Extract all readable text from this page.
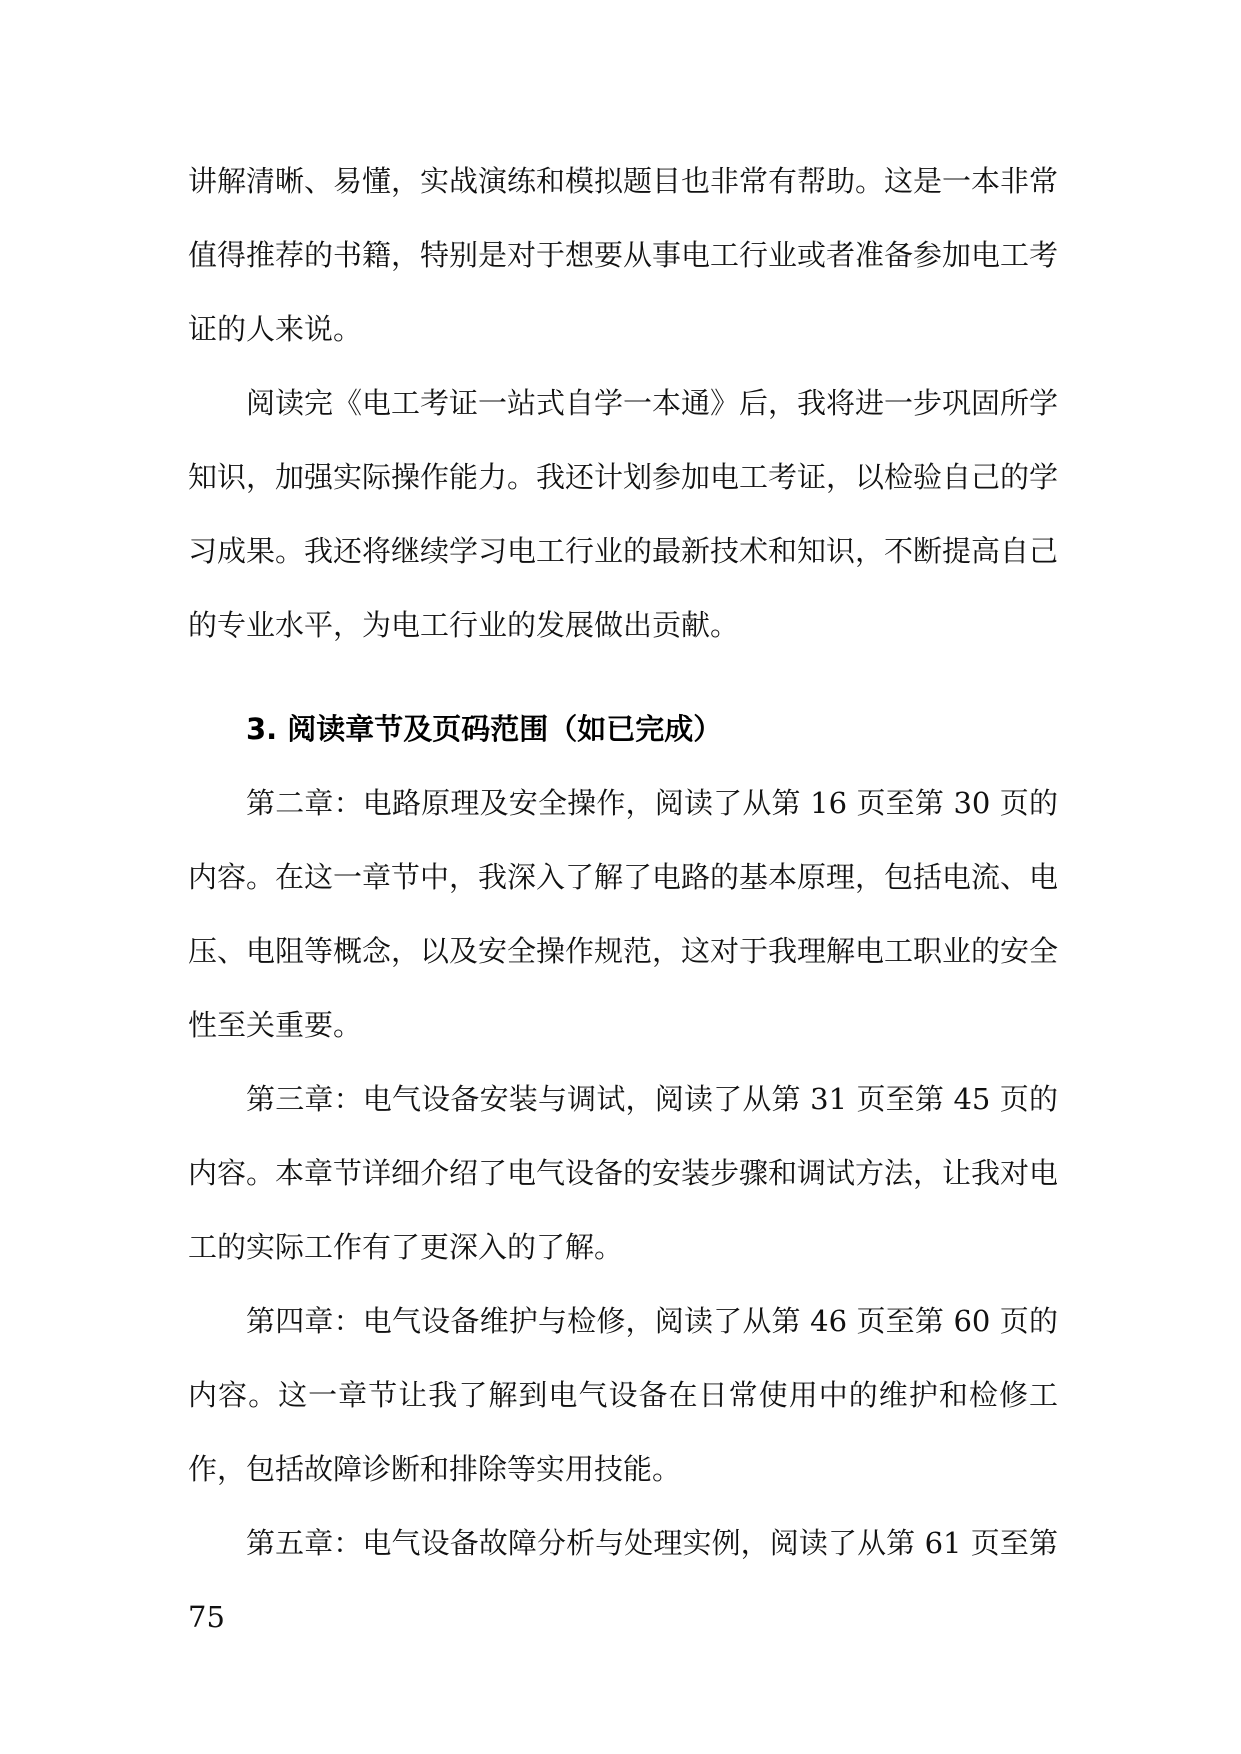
讲解清晰、易懂，实战演练和模拟题目也非常有帮助。这是一本非常值得推荐的书籍，特别是对于想要从事电工行业或者准备参加电工考证的人来说。

阅读完《电工考证一站式自学一本通》后，我将进一步巩固所学知识，加强实际操作能力。我还计划参加电工考证，以检验自己的学习成果。我还将继续学习电工行业的最新技术和知识，不断提高自己的专业水平，为电工行业的发展做出贡献。

3. 阅读章节及页码范围（如已完成）

第二章：电路原理及安全操作，阅读了从第 16 页至第 30 页的内容。在这一章节中，我深入了解了电路的基本原理，包括电流、电压、电阻等概念，以及安全操作规范，这对于我理解电工职业的安全性至关重要。

第三章：电气设备安装与调试，阅读了从第 31 页至第 45 页的内容。本章节详细介绍了电气设备的安装步骤和调试方法，让我对电工的实际工作有了更深入的了解。

第四章：电气设备维护与检修，阅读了从第 46 页至第 60 页的内容。这一章节让我了解到电气设备在日常使用中的维护和检修工作，包括故障诊断和排除等实用技能。

第五章：电气设备故障分析与处理实例，阅读了从第 61 页至第 75
